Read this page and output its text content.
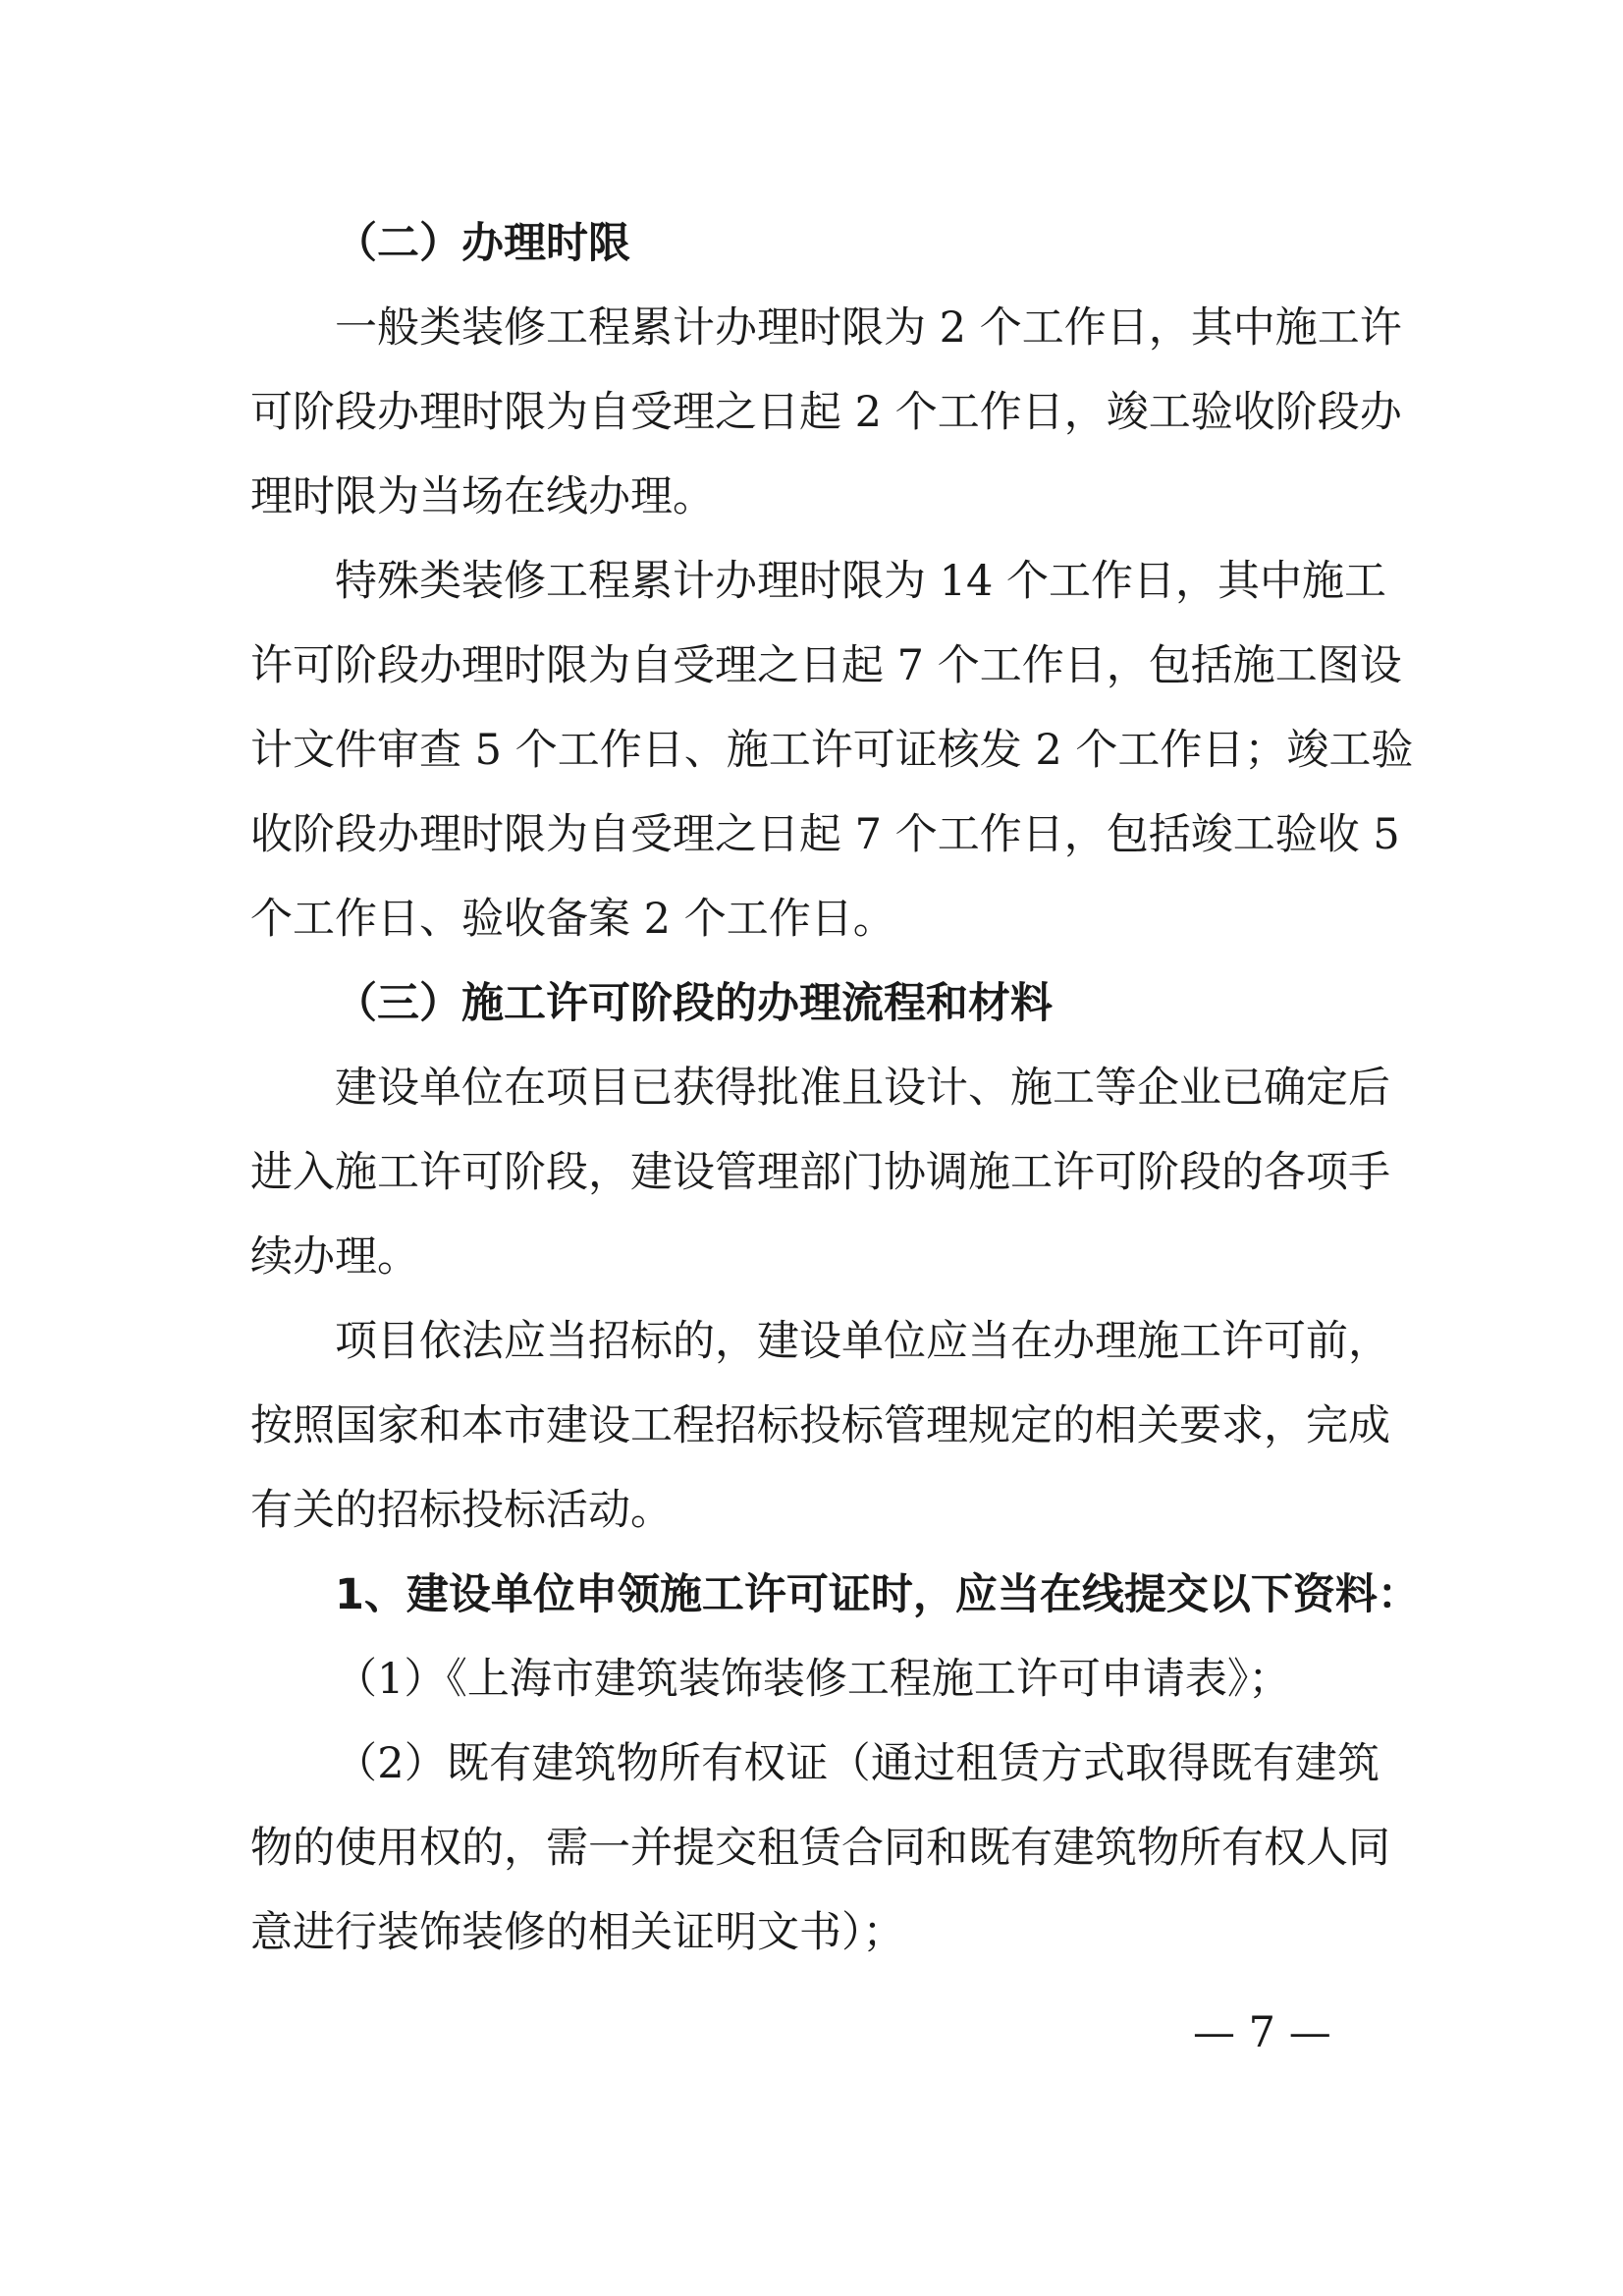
（二）办理时限
一般类装修工程累计办理时限为 2 个工作日，其中施工许
可阶段办理时限为自受理之日起 2 个工作日，竣工验收阶段办
理时限为当场在线办理。
特殊类装修工程累计办理时限为 14 个工作日，其中施工
许可阶段办理时限为自受理之日起 7 个工作日，包括施工图设
计文件审查 5 个工作日、施工许可证核发 2 个工作日；竣工验
收阶段办理时限为自受理之日起 7 个工作日，包括竣工验收 5
个工作日、验收备案 2 个工作日。
（三）施工许可阶段的办理流程和材料
建设单位在项目已获得批准且设计、施工等企业已确定后
进入施工许可阶段，建设管理部门协调施工许可阶段的各项手
续办理。
项目依法应当招标的，建设单位应当在办理施工许可前，
按照国家和本市建设工程招标投标管理规定的相关要求，完成
有关的招标投标活动。
1、建设单位申领施工许可证时，应当在线提交以下资料：
（1）《上海市建筑装饰装修工程施工许可申请表》；
（2）既有建筑物所有权证（通过租赁方式取得既有建筑
物的使用权的，需一并提交租赁合同和既有建筑物所有权人同
意进行装饰装修的相关证明文书）；
— 7 —
